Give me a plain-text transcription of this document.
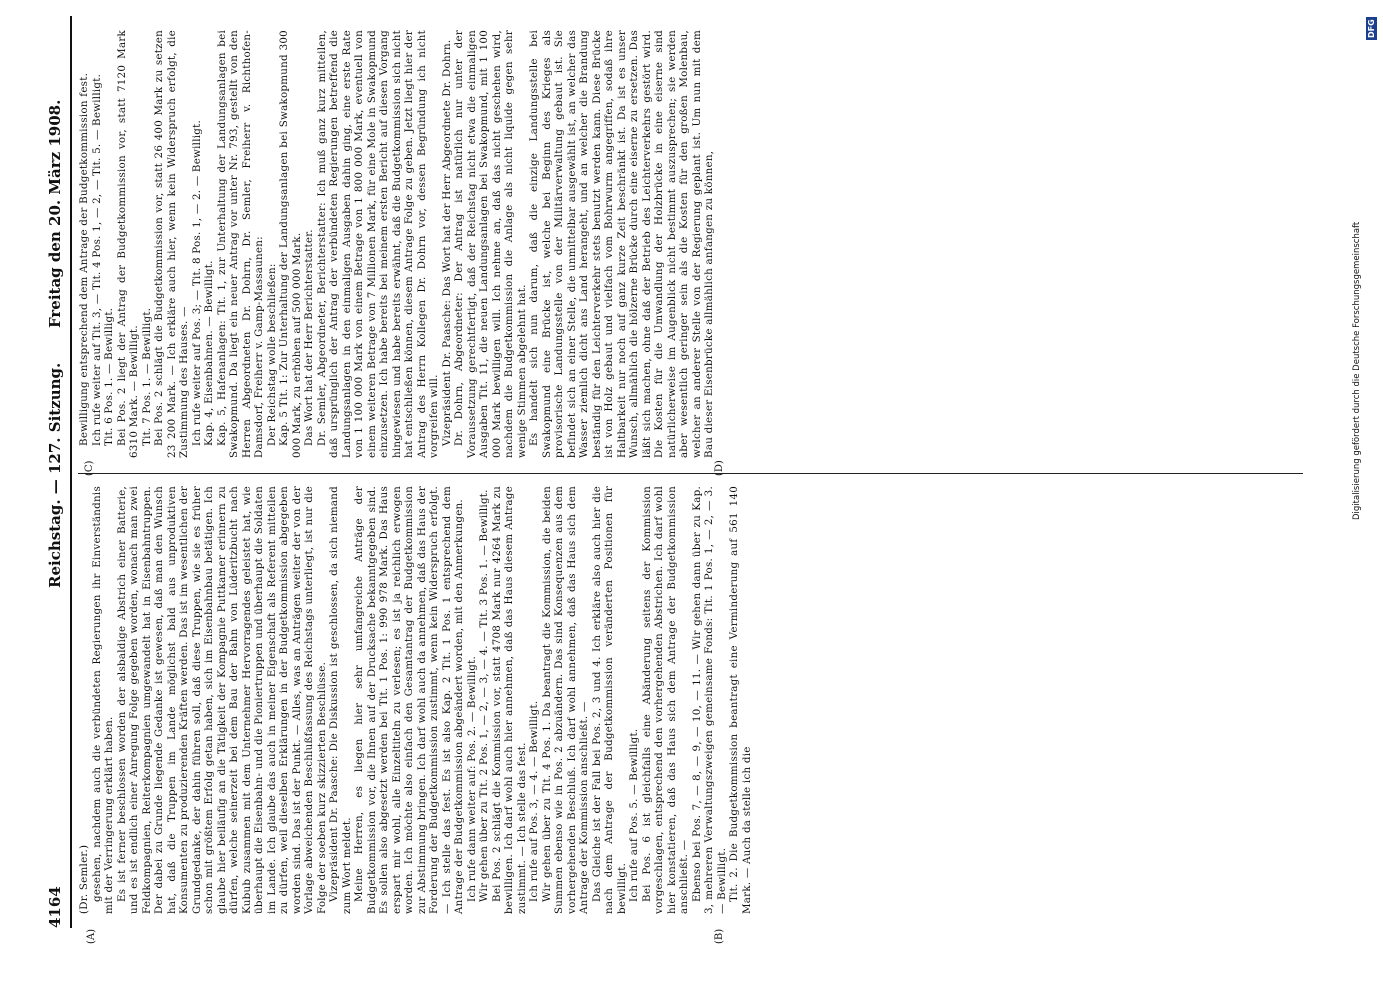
4164
Reichstag. — 127. Sitzung.
Freitag den 20. März 1908.

(Dr. Semler.) gesehen, nachdem auch die verbündeten Regierungen ihr Einverständnis mit der Verringerung erklärt haben. Es ist ferner beschlossen worden der alsbaldige Abstrich einer Batterie, und es ist endlich einer Anregung Folge gegeben worden, wonach man zwei Feldkompagnien, Reiterkompagnien umgewandelt hat in Eisenbahntruppen. Der dabei zu Grunde liegende Gedanke ist gewesen, daß man den Wunsch hat, daß die Truppen im Lande möglichst bald aus unproduktiven Konsumenten zu produzierenden Kräften werden. Das ist im wesentlichen der Grundgedanke, der dahin führen soll, daß diese Truppen, wie sie es früher schon mit größtem Erfolg getan haben, sich im Eisenbahnbau betätigen. Ich glaube hier beiläufig an die Tätigkeit der Kompagnie Puttkamer erinnern zu dürfen, welche seinerzeit bei dem Bau der Bahn von Lüderitzbucht nach Kubub zusammen mit dem Unternehmer Hervorragendes geleistet hat, wie überhaupt die Eisenbahn- und die Pioniertruppen und überhaupt die Soldaten im Lande. Ich glaube das auch in meiner Eigenschaft als Referent mitteilen zu dürfen, weil dieselben Erklärungen in der Budgetkommission abgegeben worden sind. Das ist der Punkt. — Alles, was an Anträgen weiter der von der Vorlage abweichenden Beschlußfassung des Reichstags unterliegt, ist nur die Folge der soeben kurz skizzierten Beschlüsse. Vizepräsident Dr. Paasche: Die Diskussion ist geschlossen, da sich niemand zum Wort meldet. Meine Herren, es liegen hier sehr umfangreiche Anträge der Budgetkommission vor, die Ihnen auf der Drucksache bekanntgegeben sind. Es sollen also abgesetzt werden bei Tit. 1 Pos. 1: 990 978 Mark. Das Haus erspart mir wohl, alle Einzeltiteln zu verlesen; es ist ja reichlich erwogen worden. Ich möchte also einfach den Gesamtantrag der Budgetkommission zur Abstimmung bringen. Ich darf wohl auch da annehmen, daß das Haus der Forderung der Budgetkommission zustimmt, wenn kein Widerspruch erfolgt. — Ich stelle das fest. Es ist also Kap. 2 Tit. 1 Pos. 1 entsprechend dem Antrage der Budgetkommission abgeändert worden, mit den Anmerkungen. Ich rufe dann weiter auf: Pos. 2. — Bewilligt. Wir gehen über zu Tit. 2 Pos. 1, — 2, — 3, — 4. — Tit. 3 Pos. 1. — Bewilligt. Bei Pos. 2 schlägt die Kommission vor, statt 4708 Mark nur 4264 Mark zu bewilligen. Ich darf wohl auch hier annehmen, daß das Haus diesem Antrage zustimmt. — Ich stelle das fest. Ich rufe auf Pos. 3, — 4. — Bewilligt. Wir gehen über zu Tit. 4 Pos. 1. Da beantragt die Kommission, die beiden Summen ebenso wie in Pos. 2 abzuändern. Das sind Konsequenzen aus dem vorhergehenden Beschluß. Ich darf wohl annehmen, daß das Haus sich dem Antrage der Kommission anschließt. — Das Gleiche ist der Fall bei Pos. 2, 3 und 4. Ich erkläre also auch hier die nach dem Antrage der Budgetkommission veränderten Positionen für bewilligt. Ich rufe auf Pos. 5. — Bewilligt. Bei Pos. 6 ist gleichfalls eine Abänderung seitens der Kommission vorgeschlagen, entsprechend den vorhergehenden Abstrichen. Ich darf wohl hier konstatieren, daß das Haus sich dem Antrage der Budgetkommission anschließt. — Ebenso bei Pos. 7, — 8, — 9, — 10, — 11. — Wir gehen dann über zu Kap. 3, mehreren Verwaltungszweigen gemeinsame Fonds: Tit. 1 Pos. 1, — 2, — 3. — Bewilligt. Tit. 2. Die Budgetkommission beantragt eine Verminderung auf 561 140 Mark. — Auch da stelle ich die

Bewilligung entsprechend dem Antrage der Budgetkommission fest. Ich rufe weiter auf Tit. 3, — Tit. 4 Pos. 1, — 2, — Tit. 5. — Bewilligt. Tit. 6 Pos. 1. — Bewilligt. Bei Pos. 2 liegt der Antrag der Budgetkommission vor, statt 7120 Mark 6310 Mark. — Bewilligt. Tit. 7 Pos. 1. — Bewilligt. Bei Pos. 2 schlägt die Budgetkommission vor, statt 26 400 Mark zu setzen 23 200 Mark. — Ich erkläre auch hier, wenn kein Widerspruch erfolgt, die Zustimmung des Hauses. — Ich rufe weiter auf Pos. 3; — Tit. 8 Pos. 1, — 2. — Bewilligt. Kap. 4, Eisenbahnen. — Bewilligt. Kap. 5, Hafenanlagen: Tit. 1, zur Unterhaltung der Landungsanlagen bei Swakopmund. Da liegt ein neuer Antrag vor unter Nr. 793, gestellt von den Herren Abgeordneten Dr. Dohrn, Dr. Semler, Freiherr v. Richthofen-Damsdorf, Freiherr v. Gamp-Massaunen: Der Reichstag wolle beschließen: Kap. 5 Tit. 1: Zur Unterhaltung der Landungsanlagen bei Swakopmund 300 000 Mark, zu erhöhen auf 500 000 Mark. Das Wort hat der Herr Berichterstatter. Dr. Semler, Abgeordneter, Berichterstatter: Ich muß ganz kurz mitteilen, daß ursprünglich der Antrag der verbündeten Regierungen betreffend die Landungsanlagen in den einmaligen Ausgaben dahin ging, eine erste Rate von 1 100 000 Mark von einem Betrage von 1 800 000 Mark, eventuell von einem weiteren Betrage von 7 Millionen Mark, für eine Mole in Swakopmund einzusetzen. Ich habe bereits bei meinem ersten Bericht auf diesen Vorgang hingewiesen und habe bereits erwähnt, daß die Budgetkommission sich nicht hat entschließen können, diesem Antrage Folge zu geben. Jetzt liegt hier der Antrag des Herrn Kollegen Dr. Dohrn vor, dessen Begründung ich nicht vorgreifen will. Vizepräsident Dr. Paasche: Das Wort hat der Herr Abgeordnete Dr. Dohrn. Dr. Dohrn, Abgeordneter: Der Antrag ist natürlich nur unter der Voraussetzung gerechtfertigt, daß der Reichstag nicht etwa die einmaligen Ausgaben Tit. 11, die neuen Landungsanlagen bei Swakopmund, mit 1 100 000 Mark bewilligen will. Ich nehme an, daß das nicht geschehen wird, nachdem die Budgetkommission die Anlage als nicht liquide gegen sehr wenige Stimmen abgelehnt hat. Es handelt sich nun darum, daß die einzige Landungsstelle bei Swakopmund eine Brücke ist, welche bei Beginn des Krieges als provisorische Landungsstelle von der Militärverwaltung gebaut ist. Sie befindet sich an einer Stelle, die unmittelbar ausgewählt ist, an welcher das Wasser ziemlich dicht ans Land herangeht, und an welcher die Brandung beständig für den Leichterverkehr stets benutzt werden kann. Diese Brücke ist von Holz gebaut und vielfach vom Bohrwurm angegriffen, sodaß ihre Haltbarkeit nur noch auf ganz kurze Zeit beschränkt ist. Da ist es unser Wunsch, allmählich die hölzerne Brücke durch eine eiserne zu ersetzen. Das läßt sich machen, ohne daß der Betrieb des Leichterverkehrs gestört wird. Die Kosten für die Umwandlung der Holzbrücke in eine eiserne sind natürlicherweise im Augenblick nicht bestimmt auszusprechen; sie werden aber wesentlich geringer sein als die Kosten für den großen Molenbau, welcher an anderer Stelle von der Regierung geplant ist. Um nun mit dem Bau dieser Eisenbrücke allmählich anfangen zu können,

(A)	(B)
(C)	(D)	Digitalisierung gefördert durch die Deutsche Forschungsgemeinschaft
DFG
